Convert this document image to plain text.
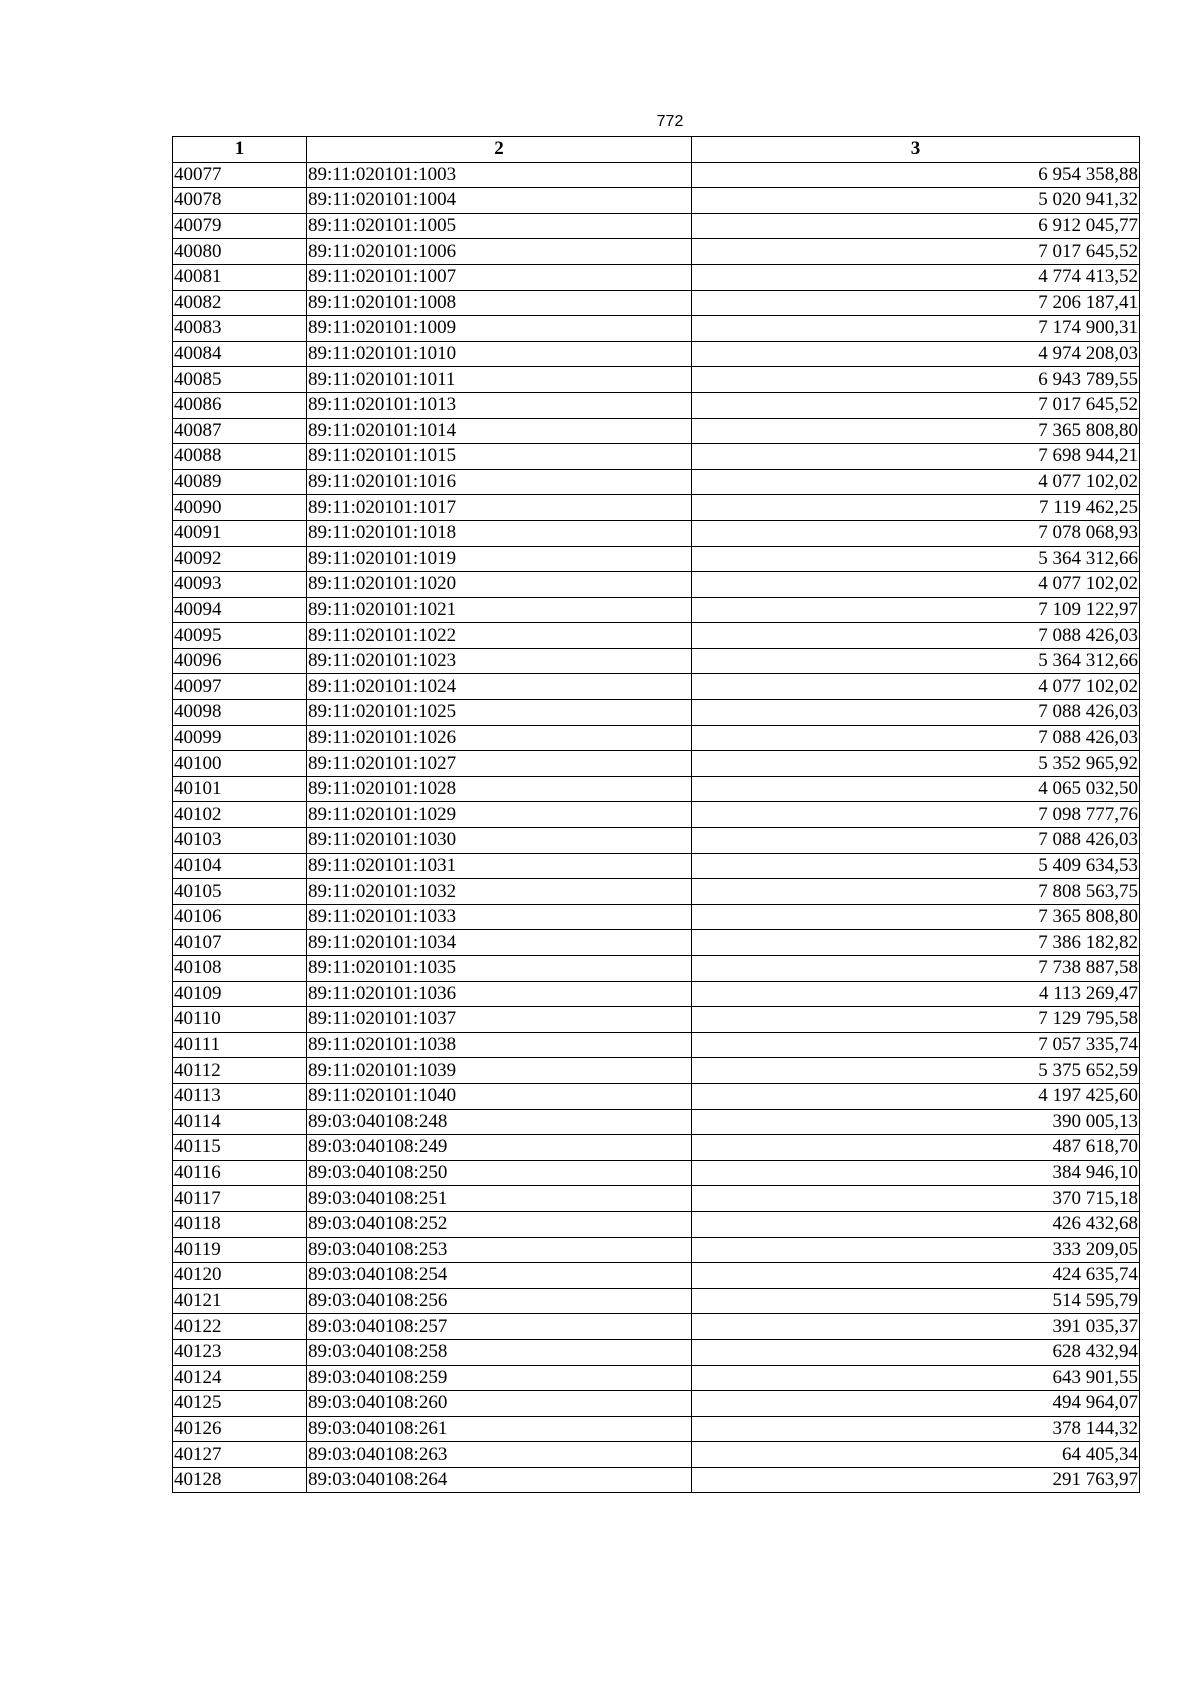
772
1	2	3
40077	89:11:020101:1003	6 954 358,88
40078	89:11:020101:1004	5 020 941,32
40079	89:11:020101:1005	6 912 045,77
40080	89:11:020101:1006	7 017 645,52
40081	89:11:020101:1007	4 774 413,52
40082	89:11:020101:1008	7 206 187,41
40083	89:11:020101:1009	7 174 900,31
40084	89:11:020101:1010	4 974 208,03
40085	89:11:020101:1011	6 943 789,55
40086	89:11:020101:1013	7 017 645,52
40087	89:11:020101:1014	7 365 808,80
40088	89:11:020101:1015	7 698 944,21
40089	89:11:020101:1016	4 077 102,02
40090	89:11:020101:1017	7 119 462,25
40091	89:11:020101:1018	7 078 068,93
40092	89:11:020101:1019	5 364 312,66
40093	89:11:020101:1020	4 077 102,02
40094	89:11:020101:1021	7 109 122,97
40095	89:11:020101:1022	7 088 426,03
40096	89:11:020101:1023	5 364 312,66
40097	89:11:020101:1024	4 077 102,02
40098	89:11:020101:1025	7 088 426,03
40099	89:11:020101:1026	7 088 426,03
40100	89:11:020101:1027	5 352 965,92
40101	89:11:020101:1028	4 065 032,50
40102	89:11:020101:1029	7 098 777,76
40103	89:11:020101:1030	7 088 426,03
40104	89:11:020101:1031	5 409 634,53
40105	89:11:020101:1032	7 808 563,75
40106	89:11:020101:1033	7 365 808,80
40107	89:11:020101:1034	7 386 182,82
40108	89:11:020101:1035	7 738 887,58
40109	89:11:020101:1036	4 113 269,47
40110	89:11:020101:1037	7 129 795,58
40111	89:11:020101:1038	7 057 335,74
40112	89:11:020101:1039	5 375 652,59
40113	89:11:020101:1040	4 197 425,60
40114	89:03:040108:248	390 005,13
40115	89:03:040108:249	487 618,70
40116	89:03:040108:250	384 946,10
40117	89:03:040108:251	370 715,18
40118	89:03:040108:252	426 432,68
40119	89:03:040108:253	333 209,05
40120	89:03:040108:254	424 635,74
40121	89:03:040108:256	514 595,79
40122	89:03:040108:257	391 035,37
40123	89:03:040108:258	628 432,94
40124	89:03:040108:259	643 901,55
40125	89:03:040108:260	494 964,07
40126	89:03:040108:261	378 144,32
40127	89:03:040108:263	64 405,34
40128	89:03:040108:264	291 763,97
